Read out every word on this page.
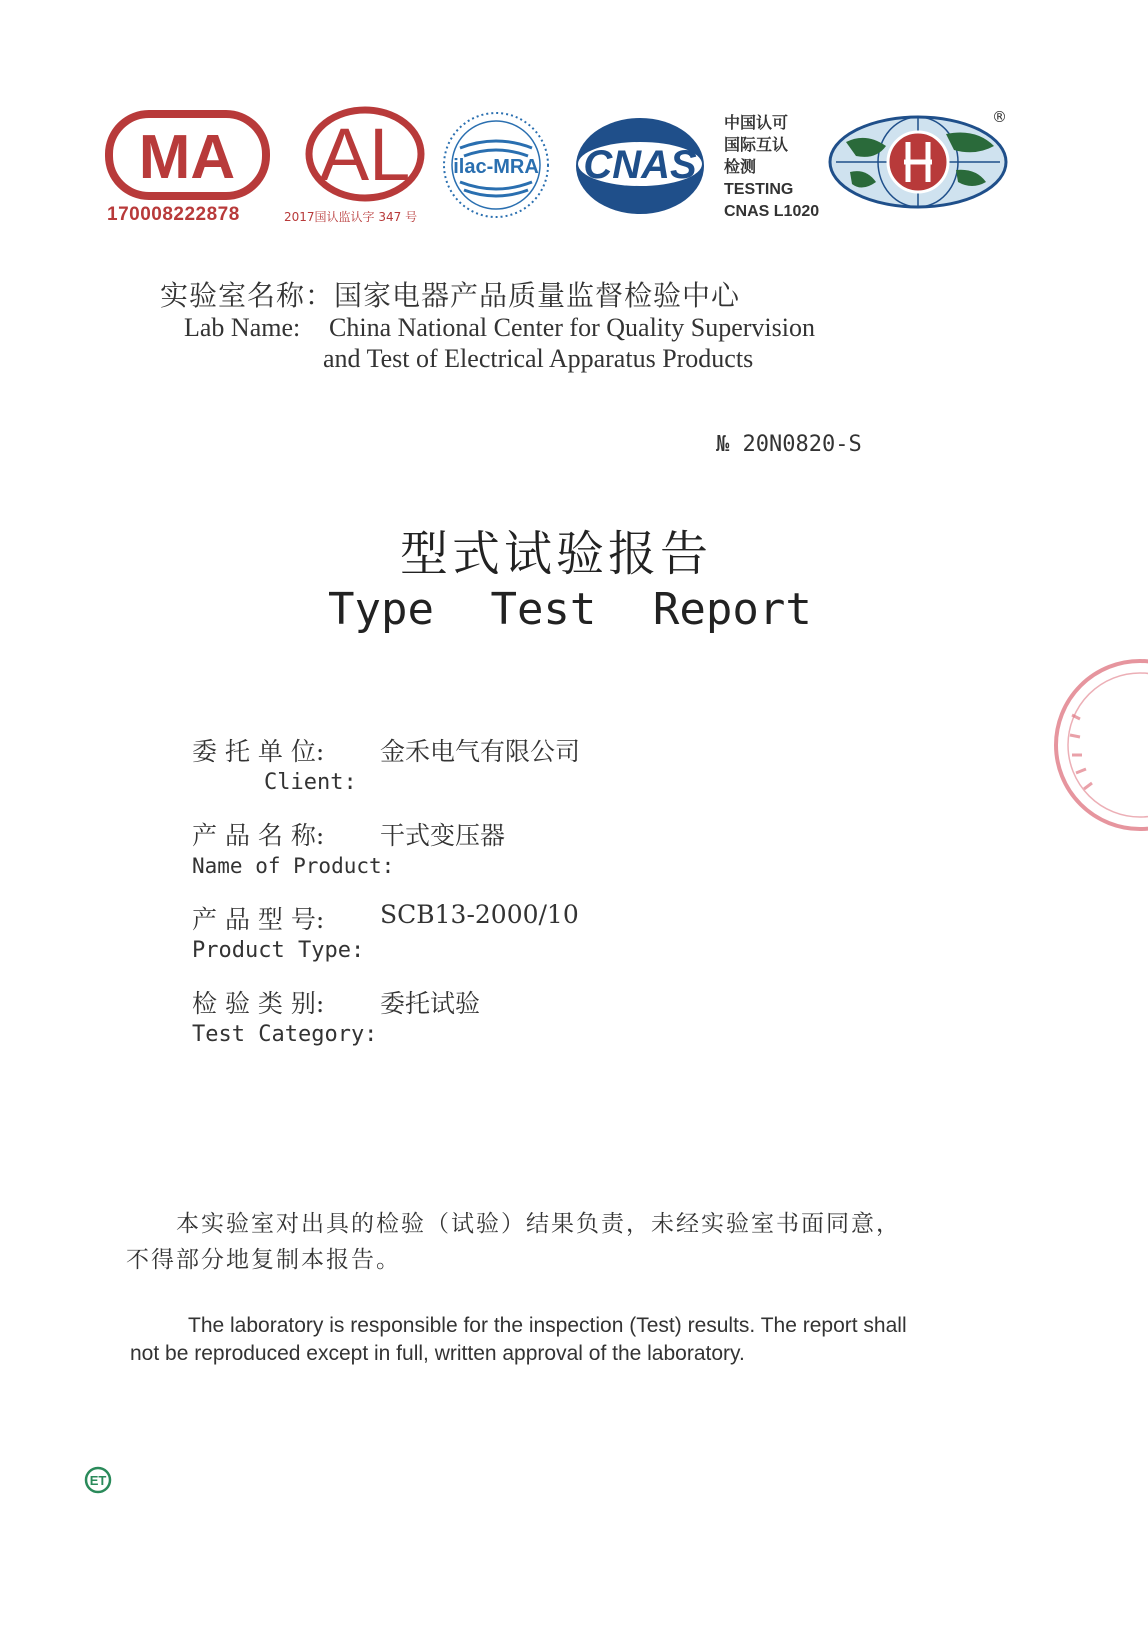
MA
170008222878
AL
2017国认监认字 347 号
ilac-MRA CNAS
中国认可
国际互认
检测
TESTING
CNAS L1020
®
实验室名称：国家电器产品质量监督检验中心
Lab Name: China National Center for Quality Supervision
and Test of Electrical Apparatus Products
№ 20N0820-S
型式试验报告
Type Test Report
委 托 单 位: 金禾电气有限公司
Client:
产 品 名 称: 干式变压器
Name of Product:
产 品 型 号: SCB13-2000/10
Product Type:
检 验 类 别: 委托试验
Test Category:
本实验室对出具的检验（试验）结果负责，未经实验室书面同意，
不得部分地复制本报告。
The laboratory is responsible for the inspection (Test) results. The report shall
not be reproduced except in full, written approval of the laboratory.
ET
